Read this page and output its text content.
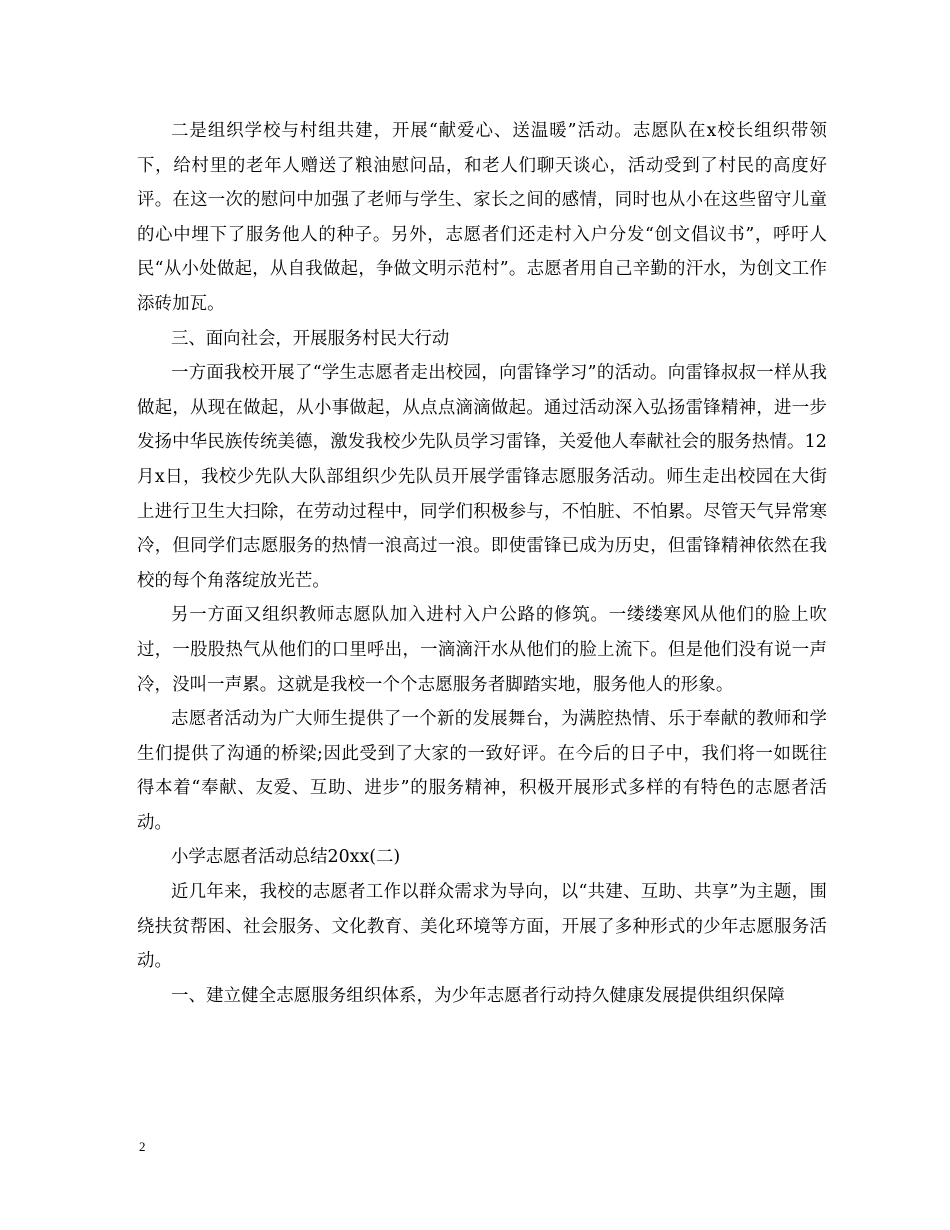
二是组织学校与村组共建，开展“献爱心、送温暖”活动。志愿队在x校长组织带领下，给村里的老年人赠送了粮油慰问品，和老人们聊天谈心，活动受到了村民的高度好评。在这一次的慰问中加强了老师与学生、家长之间的感情，同时也从小在这些留守儿童的心中埋下了服务他人的种子。另外，志愿者们还走村入户分发“创文倡议书”，呼吁人民“从小处做起，从自我做起，争做文明示范村”。志愿者用自己辛勤的汗水，为创文工作添砖加瓦。

三、面向社会，开展服务村民大行动

一方面我校开展了“学生志愿者走出校园，向雷锋学习”的活动。向雷锋叔叔一样从我做起，从现在做起，从小事做起，从点点滴滴做起。通过活动深入弘扬雷锋精神，进一步发扬中华民族传统美德，激发我校少先队员学习雷锋，关爱他人奉献社会的服务热情。12月x日，我校少先队大队部组织少先队员开展学雷锋志愿服务活动。师生走出校园在大街上进行卫生大扫除，在劳动过程中，同学们积极参与，不怕脏、不怕累。尽管天气异常寒冷，但同学们志愿服务的热情一浪高过一浪。即使雷锋已成为历史，但雷锋精神依然在我校的每个角落绽放光芒。

另一方面又组织教师志愿队加入进村入户公路的修筑。一缕缕寒风从他们的脸上吹过，一股股热气从他们的口里呼出，一滴滴汗水从他们的脸上流下。但是他们没有说一声冷，没叫一声累。这就是我校一个个志愿服务者脚踏实地，服务他人的形象。

志愿者活动为广大师生提供了一个新的发展舞台，为满腔热情、乐于奉献的教师和学生们提供了沟通的桥梁;因此受到了大家的一致好评。在今后的日子中，我们将一如既往得本着“奉献、友爱、互助、进步”的服务精神，积极开展形式多样的有特色的志愿者活动。

小学志愿者活动总结20xx(二)

近几年来，我校的志愿者工作以群众需求为导向，以“共建、互助、共享”为主题，围绕扶贫帮困、社会服务、文化教育、美化环境等方面，开展了多种形式的少年志愿服务活动。

一、建立健全志愿服务组织体系，为少年志愿者行动持久健康发展提供组织保障

2
